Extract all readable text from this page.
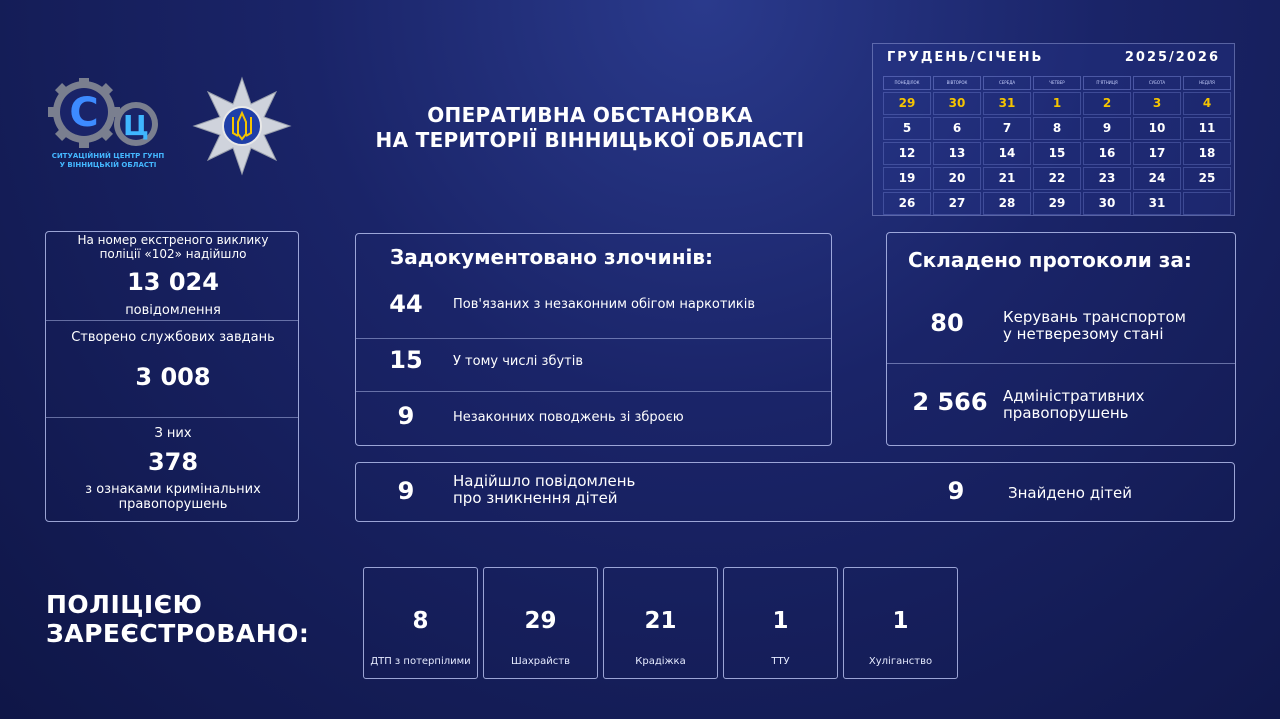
С Ц
СИТУАЦІЙНИЙ ЦЕНТР ГУНП
У ВІННИЦЬКІЙ ОБЛАСТІ
ОПЕРАТИВНА ОБСТАНОВКА
НА ТЕРИТОРІЇ ВІННИЦЬКОЇ ОБЛАСТІ
ГРУДЕНЬ/СІЧЕНЬ	2025/2026
ПОНЕДІЛОК	ВІВТОРОК	СЕРЕДА	ЧЕТВЕР	П'ЯТНИЦЯ	СУБОТА	НЕДІЛЯ
29	30	31	1	2	3	4
5	6	7	8	9	10	11
12	13	14	15	16	17	18
19	20	21	22	23	24	25
26	27	28	29	30	31
На номер екстреного виклику
поліції «102» надійшло
13 024
повідомлення
Створено службових завдань
3 008
З них
378
з ознаками кримінальних
правопорушень
Задокументовано злочинів:
44	Пов'язаних з незаконним обігом наркотиків
15	У тому числі збутів
9	Незаконних поводжень зі зброєю
Складено протоколи за:
80	Керувань транспортом
у нетверезому стані
2 566	Адміністративних
правопорушень
9	Надійшло повідомлень
про зникнення дітей	9	Знайдено дітей
ПОЛІЦІЄЮ
ЗАРЕЄСТРОВАНО:	8
ДТП з потерпілими
29
Шахрайств
21
Крадіжка
1
ТТУ
1
Хуліганство
